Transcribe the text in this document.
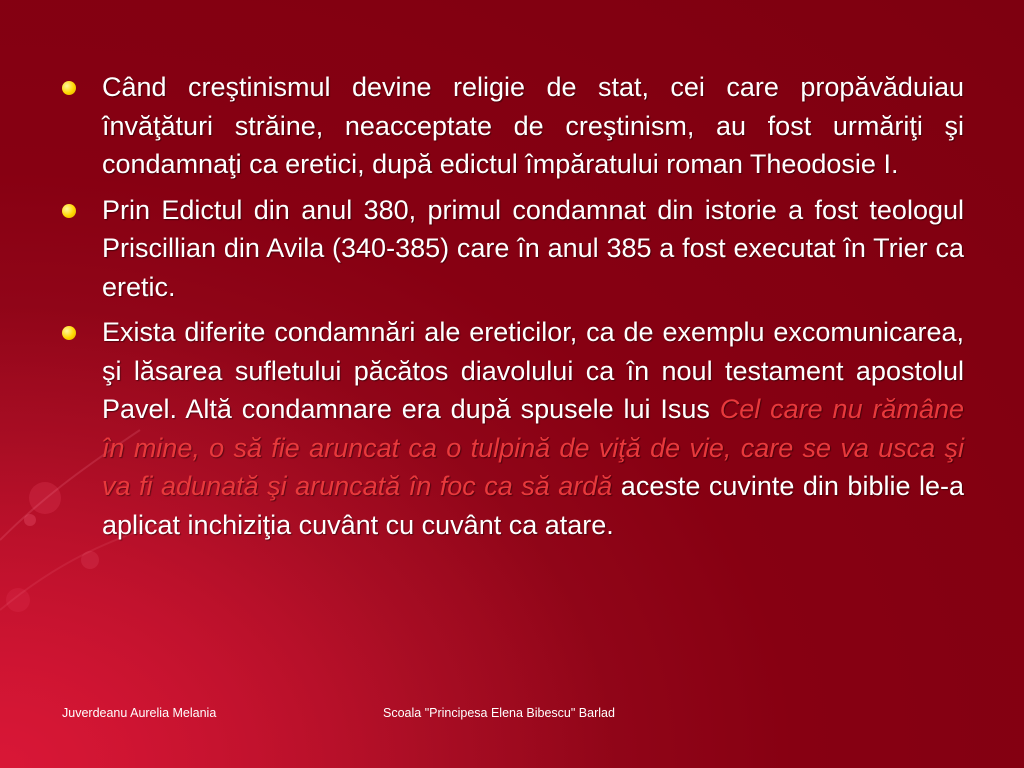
Când creştinismul devine religie de stat, cei care propăvăduiau învăţături străine, neacceptate de creştinism, au fost urmăriţi şi condamnaţi ca eretici, după edictul împăratului roman Theodosie I.
Prin Edictul din anul 380, primul condamnat din istorie a fost teologul Priscillian din Avila (340-385) care în anul 385 a fost executat în Trier ca eretic.
Exista diferite condamnări ale ereticilor, ca de exemplu excomunicarea, şi lăsarea sufletului păcătos diavolului ca în noul testament apostolul Pavel. Altă condamnare era după spusele lui Isus Cel care nu rămâne în mine, o să fie aruncat ca o tulpină de viţă de vie, care se va usca şi va fi adunată şi aruncată în foc ca să ardă aceste cuvinte din biblie le-a aplicat inchiziţia cuvânt cu cuvânt ca atare.
Juverdeanu Aurelia Melania	Scoala "Principesa Elena Bibescu" Barlad
